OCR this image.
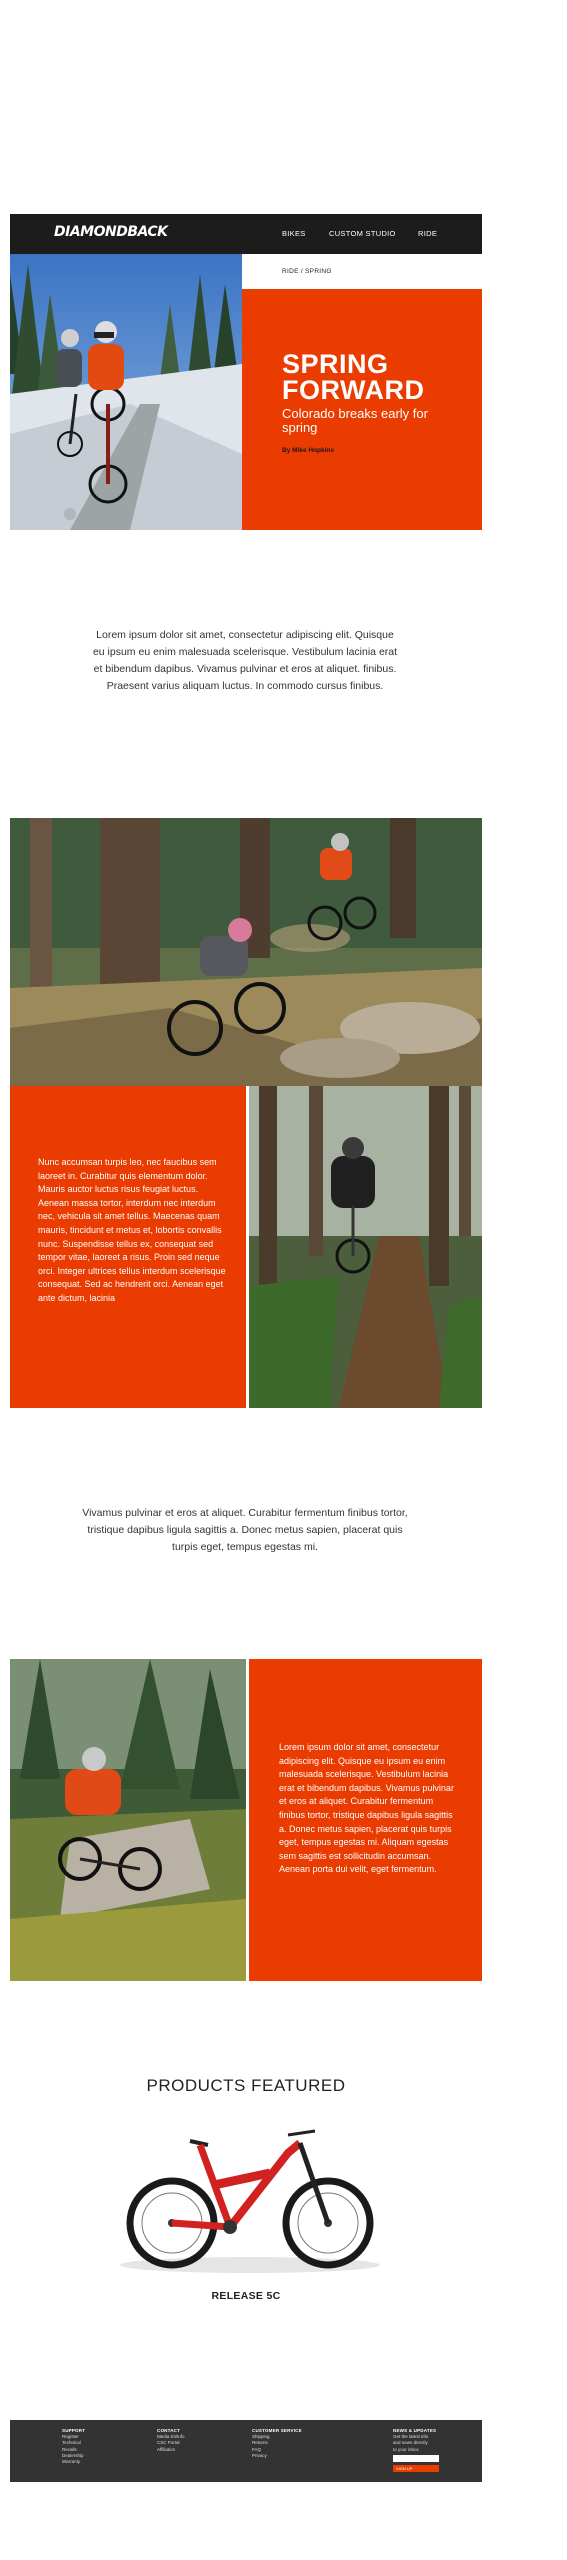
DIAMONDBACK	BIKES	CUSTOM STUDIO	RIDE
RIDE / SPRING
SPRING FORWARD
Colorado breaks early for spring
By Mike Hopkins
Lorem ipsum dolor sit amet, consectetur adipiscing elit. Quisque eu ipsum eu enim malesuada scelerisque. Vestibulum lacinia erat et bibendum dapibus. Vivamus pulvinar et eros at aliquet. finibus. Praesent varius aliquam luctus. In commodo cursus finibus.
Nunc accumsan turpis leo, nec faucibus sem laoreet in. Curabitur quis elementum dolor. Mauris auctor luctus risus feugiat luctus. Aenean massa tortor, interdum nec interdum nec, vehicula sit amet tellus. Maecenas quam mauris, tincidunt et metus et, lobortis convallis nunc. Suspendisse tellus ex, consequat sed tempor vitae, laoreet a risus. Proin sed neque orci. Integer ultrices tellus interdum scelerisque consequat. Sed ac hendrerit orci. Aenean eget ante dictum, lacinia
Vivamus pulvinar et eros at aliquet. Curabitur fermentum finibus tortor, tristique dapibus ligula sagittis a. Donec metus sapien, placerat quis turpis eget, tempus egestas mi.
Lorem ipsum dolor sit amet, consectetur adipiscing elit. Quisque eu ipsum eu enim malesuada scelerisque. Vestibulum lacinia erat et bibendum dapibus. Vivamus pulvinar et eros at aliquet. Curabitur fermentum finibus tortor, tristique dapibus ligula sagittis a. Donec metus sapien, placerat quis turpis eget, tempus egestas mi. Aliquam egestas sem sagittis est sollicitudin accumsan. Aenean porta dui velit, eget fermentum.
PRODUCTS FEATURED
RELEASE 5C
SUPPORT
Register
Technical
Recalls
Dealership
Warranty
CONTACT
Media Kit/Info
CSC Portal
Affiliation
CUSTOMER SERVICE
Shipping
Returns
FAQ
Privacy
NEWS & UPDATES
Get the latest info
and news directly
to your inbox
SIGN UP
